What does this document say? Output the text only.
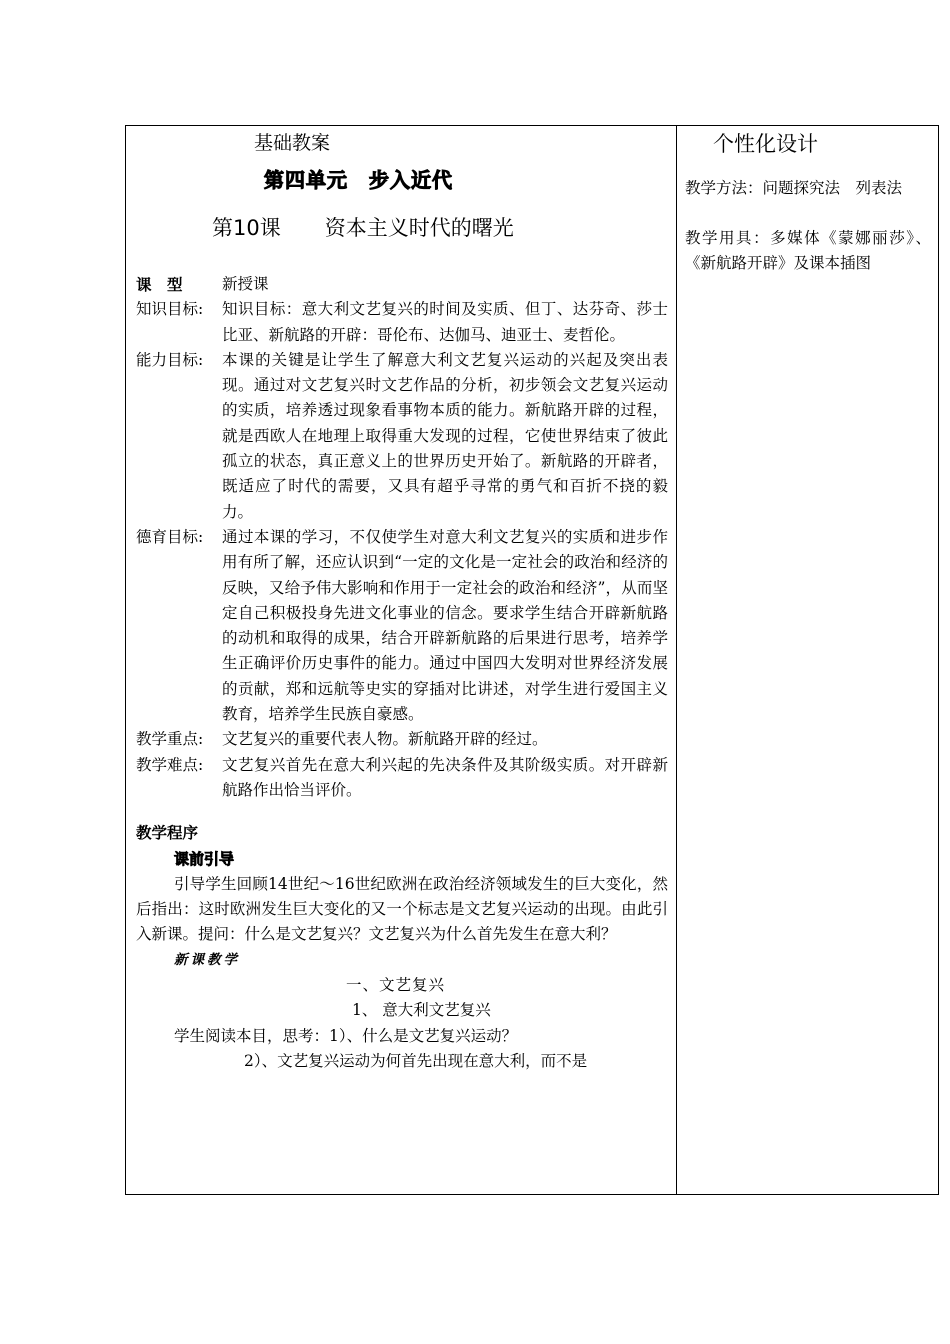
基础教案
第四单元　步入近代
第10课 资本主义时代的曙光
课　型	新授课
知识目标:	知识目标：意大利文艺复兴的时间及实质、但丁、达芬奇、莎士比亚、新航路的开辟：哥伦布、达伽马、迪亚士、麦哲伦。
能力目标:	本课的关键是让学生了解意大利文艺复兴运动的兴起及突出表现。通过对文艺复兴时文艺作品的分析，初步领会文艺复兴运动的实质，培养透过现象看事物本质的能力。新航路开辟的过程，就是西欧人在地理上取得重大发现的过程，它使世界结束了彼此孤立的状态，真正意义上的世界历史开始了。新航路的开辟者，既适应了时代的需要，又具有超乎寻常的勇气和百折不挠的毅力。
德育目标:	通过本课的学习，不仅使学生对意大利文艺复兴的实质和进步作用有所了解，还应认识到“一定的文化是一定社会的政治和经济的反映，又给予伟大影响和作用于一定社会的政治和经济”，从而坚定自己积极投身先进文化事业的信念。要求学生结合开辟新航路的动机和取得的成果，结合开辟新航路的后果进行思考，培养学生正确评价历史事件的能力。通过中国四大发明对世界经济发展的贡献，郑和远航等史实的穿插对比讲述，对学生进行爱国主义教育，培养学生民族自豪感。
教学重点:	文艺复兴的重要代表人物。新航路开辟的经过。
教学难点:	文艺复兴首先在意大利兴起的先决条件及其阶级实质。对开辟新航路作出恰当评价。
教学程序
课前引导
引导学生回顾14世纪～16世纪欧洲在政治经济领域发生的巨大变化，然后指出：这时欧洲发生巨大变化的又一个标志是文艺复兴运动的出现。由此引入新课。提问：什么是文艺复兴？文艺复兴为什么首先发生在意大利？
新课教学
一、文艺复兴
1、 意大利文艺复兴
学生阅读本目，思考：1）、什么是文艺复兴运动？
2）、文艺复兴运动为何首先出现在意大利，而不是
个性化设计
教学方法：问题探究法　列表法
教学用具：多媒体《蒙娜丽莎》、《新航路开辟》及课本插图
